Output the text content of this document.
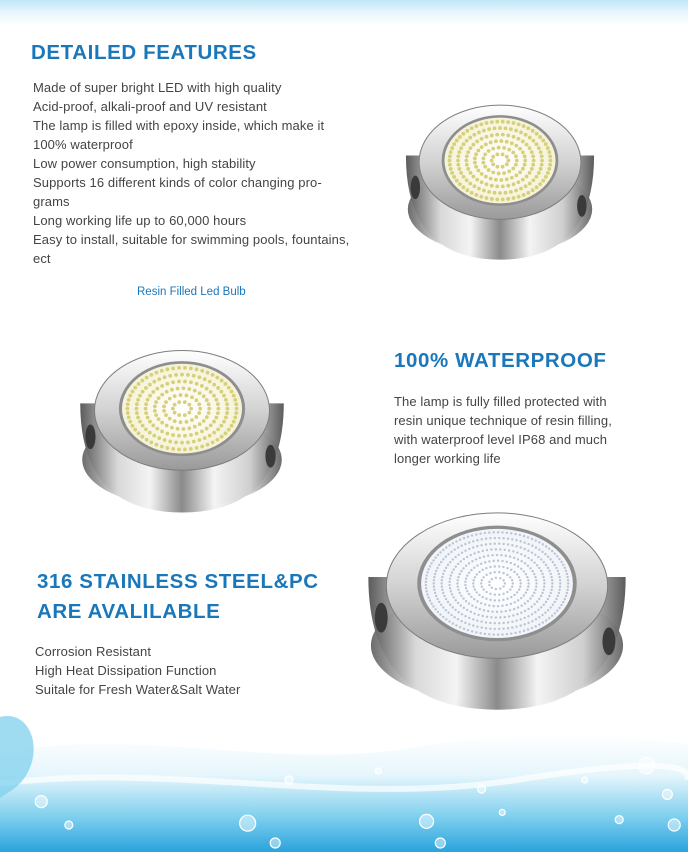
DETAILED FEATURES
Made of super bright LED with high quality
Acid-proof, alkali-proof and UV resistant
The lamp is filled with epoxy inside, which make it
100% waterproof
Low power consumption, high stability
Supports 16 different kinds of color changing pro-
grams
Long working life up to 60,000 hours
Easy to install, suitable for swimming pools, fountains,
ect

Resin Filled Led Bulb

100% WATERPROOF
The lamp is fully filled protected with
resin unique technique of resin filling,
with waterproof level IP68 and much
longer working life
316 STAINLESS STEEL&PC
ARE AVALILABLE
Corrosion Resistant
High Heat Dissipation Function
Suitale for Fresh Water&Salt Water
